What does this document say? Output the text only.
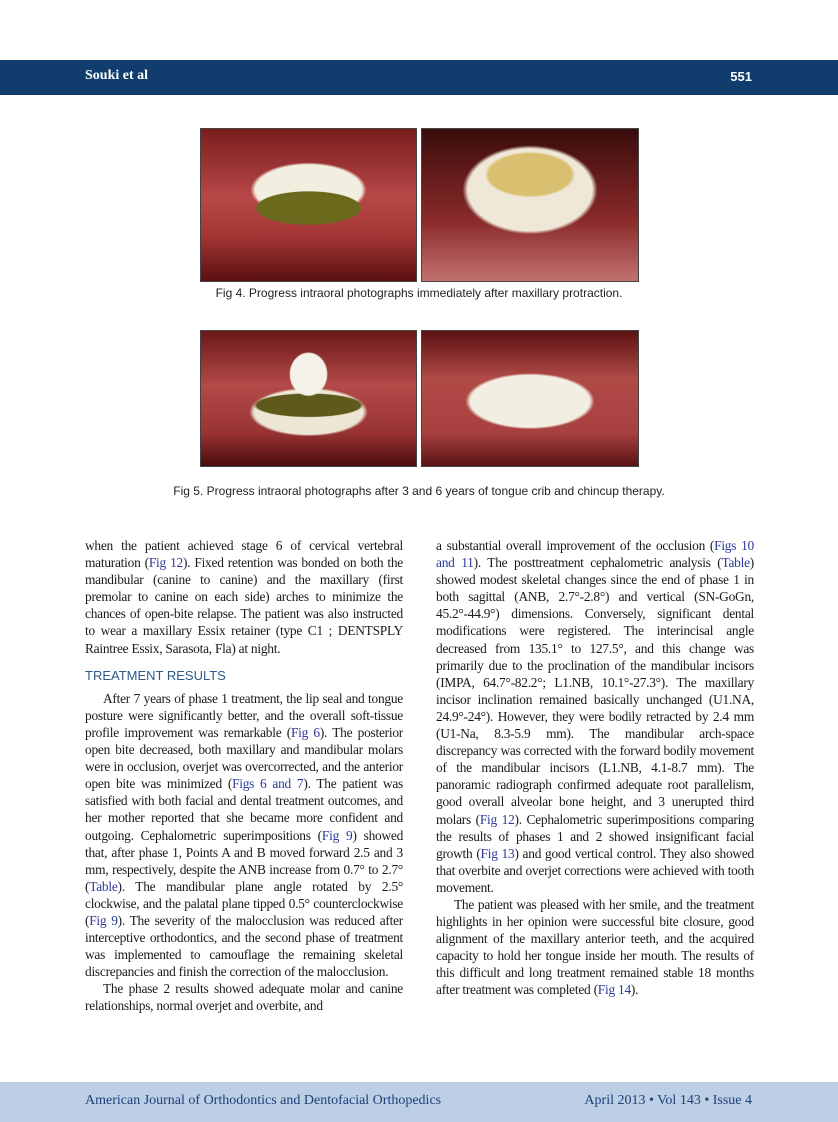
Souki et al	551
Fig 4. Progress intraoral photographs immediately after maxillary protraction.
Fig 5. Progress intraoral photographs after 3 and 6 years of tongue crib and chincup therapy.

when the patient achieved stage 6 of cervical vertebral maturation (Fig 12). Fixed retention was bonded on both the mandibular (canine to canine) and the maxillary (first premolar to canine on each side) arches to minimize the chances of open-bite relapse. The patient was also instructed to wear a maxillary Essix retainer (type C1 ; DENTSPLY Raintree Essix, Sarasota, Fla) at night.

TREATMENT RESULTS

After 7 years of phase 1 treatment, the lip seal and tongue posture were significantly better, and the overall soft-tissue profile improvement was remarkable (Fig 6). The posterior open bite decreased, both maxillary and mandibular molars were in occlusion, overjet was overcorrected, and the anterior open bite was minimized (Figs 6 and 7). The patient was satisfied with both facial and dental treatment outcomes, and her mother reported that she became more confident and outgoing. Cephalometric superimpositions (Fig 9) showed that, after phase 1, Points A and B moved forward 2.5 and 3 mm, respectively, despite the ANB increase from 0.7° to 2.7° (Table). The mandibular plane angle rotated by 2.5° clockwise, and the palatal plane tipped 0.5° counterclockwise (Fig 9). The severity of the malocclusion was reduced after interceptive orthodontics, and the second phase of treatment was implemented to camouflage the remaining skeletal discrepancies and finish the correction of the malocclusion.

The phase 2 results showed adequate molar and canine relationships, normal overjet and overbite, and

a substantial overall improvement of the occlusion (Figs 10 and 11). The posttreatment cephalometric analysis (Table) showed modest skeletal changes since the end of phase 1 in both sagittal (ANB, 2.7°-2.8°) and vertical (SN-GoGn, 45.2°-44.9°) dimensions. Conversely, significant dental modifications were registered. The interincisal angle decreased from 135.1° to 127.5°, and this change was primarily due to the proclination of the mandibular incisors (IMPA, 64.7°-82.2°; L1.NB, 10.1°-27.3°). The maxillary incisor inclination remained basically unchanged (U1.NA, 24.9°-24°). However, they were bodily retracted by 2.4 mm (U1-Na, 8.3-5.9 mm). The mandibular arch-space discrepancy was corrected with the forward bodily movement of the mandibular incisors (L1.NB, 4.1-8.7 mm). The panoramic radiograph confirmed adequate root parallelism, good overall alveolar bone height, and 3 unerupted third molars (Fig 12). Cephalometric superimpositions comparing the results of phases 1 and 2 showed insignificant facial growth (Fig 13) and good vertical control. They also showed that overbite and overjet corrections were achieved with tooth movement.

The patient was pleased with her smile, and the treatment highlights in her opinion were successful bite closure, good alignment of the maxillary anterior teeth, and the acquired capacity to hold her tongue inside her mouth. The results of this difficult and long treatment remained stable 18 months after treatment was completed (Fig 14).

American Journal of Orthodontics and Dentofacial Orthopedics	April 2013 • Vol 143 • Issue 4
